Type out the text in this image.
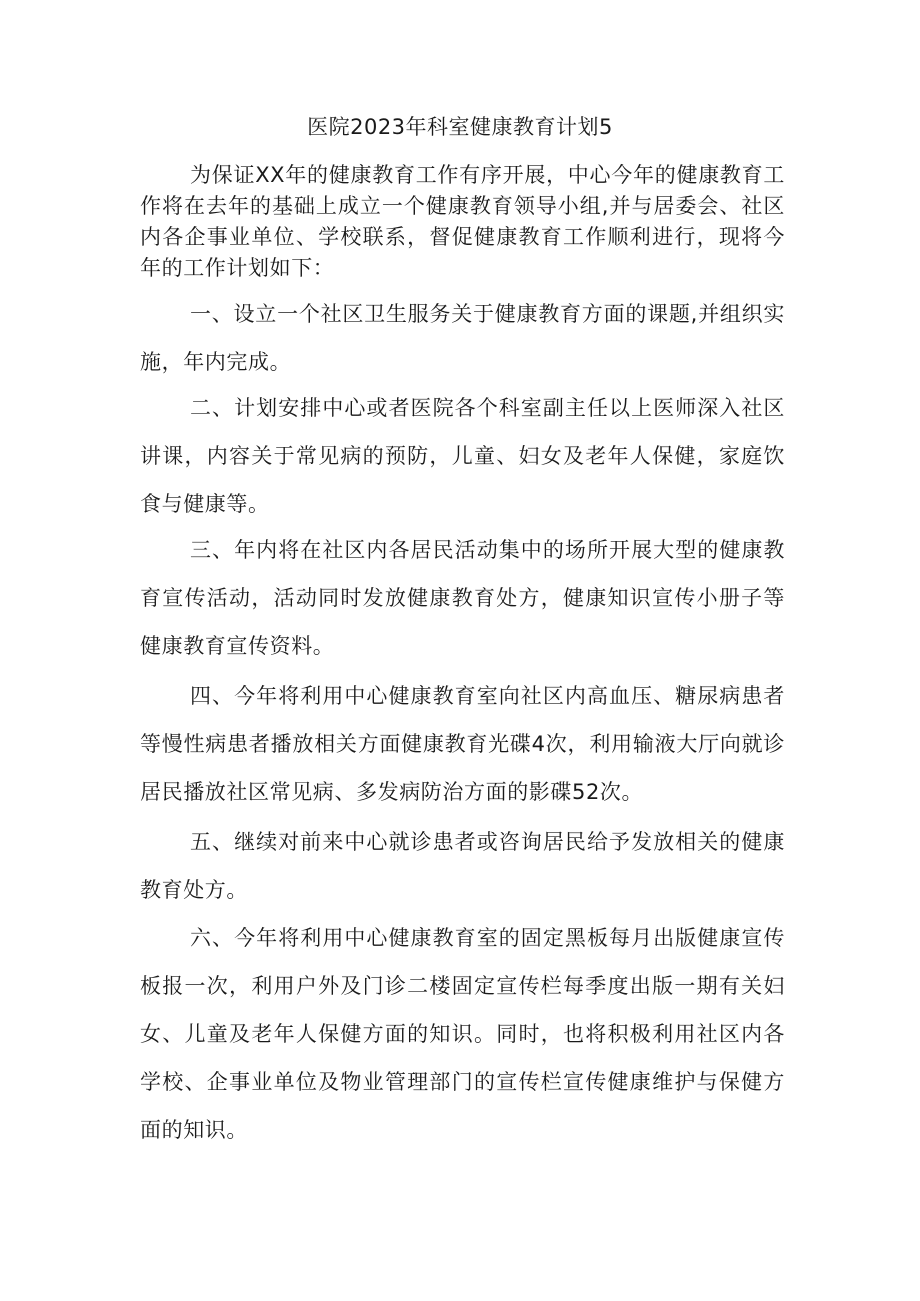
医院2023年科室健康教育计划5

为保证XX年的健康教育工作有序开展，中心今年的健康教育工作将在去年的基础上成立一个健康教育领导小组,并与居委会、社区内各企事业单位、学校联系，督促健康教育工作顺利进行，现将今年的工作计划如下：

一、设立一个社区卫生服务关于健康教育方面的课题,并组织实施，年内完成。

二、计划安排中心或者医院各个科室副主任以上医师深入社区讲课，内容关于常见病的预防，儿童、妇女及老年人保健，家庭饮食与健康等。

三、年内将在社区内各居民活动集中的场所开展大型的健康教育宣传活动，活动同时发放健康教育处方，健康知识宣传小册子等健康教育宣传资料。

四、今年将利用中心健康教育室向社区内高血压、糖尿病患者等慢性病患者播放相关方面健康教育光碟4次，利用输液大厅向就诊居民播放社区常见病、多发病防治方面的影碟52次。

五、继续对前来中心就诊患者或咨询居民给予发放相关的健康教育处方。

六、今年将利用中心健康教育室的固定黑板每月出版健康宣传板报一次，利用户外及门诊二楼固定宣传栏每季度出版一期有关妇女、儿童及老年人保健方面的知识。同时，也将积极利用社区内各学校、企事业单位及物业管理部门的宣传栏宣传健康维护与保健方面的知识。
